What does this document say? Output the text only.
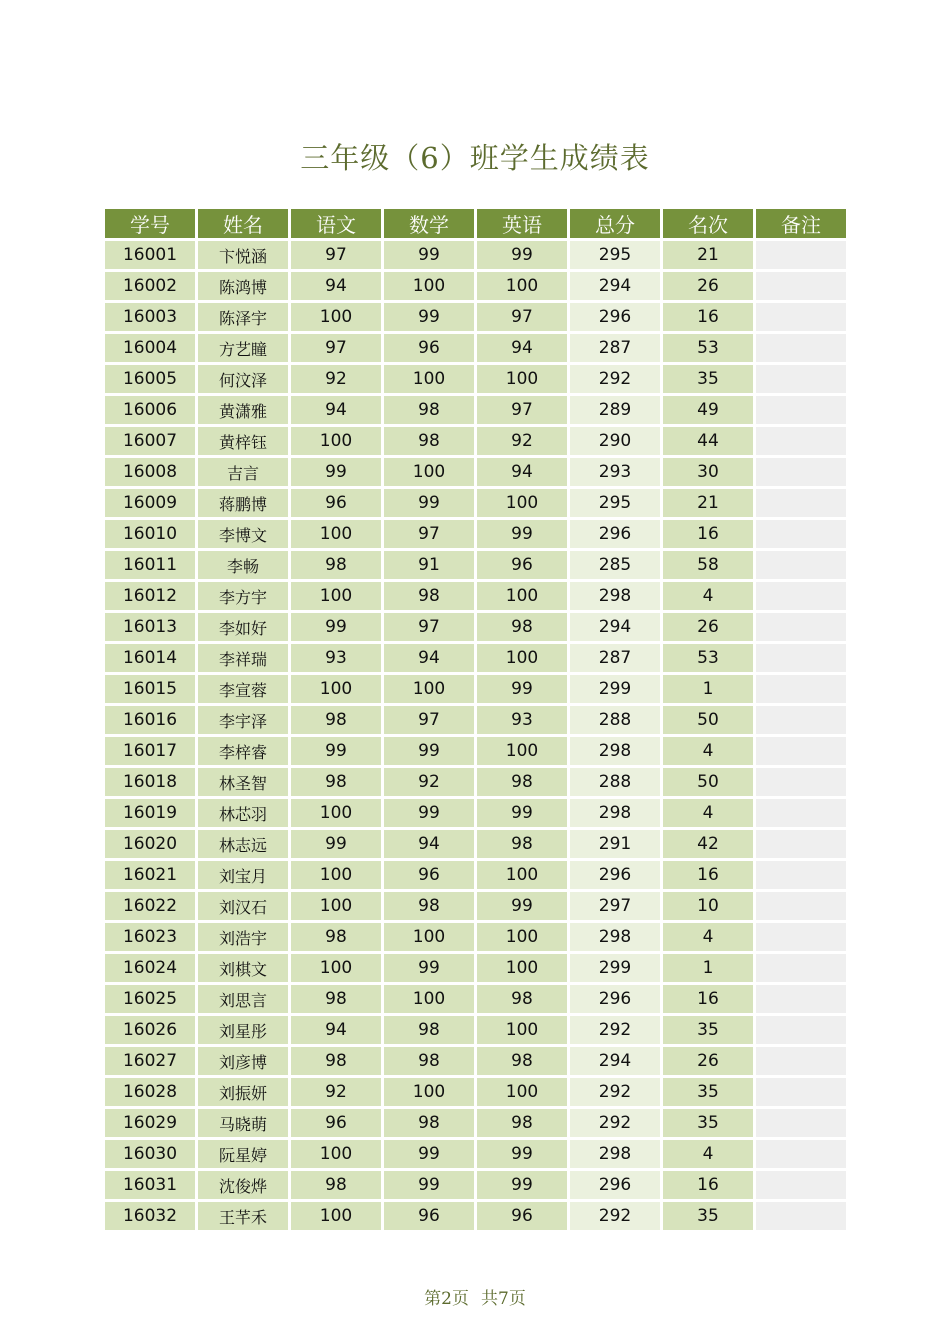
三年级（6）班学生成绩表
学号	姓名	语文	数学	英语	总分	名次	备注
16001	卞悦涵	97	99	99	295	21	
16002	陈鸿博	94	100	100	294	26	
16003	陈泽宇	100	99	97	296	16	
16004	方艺瞳	97	96	94	287	53	
16005	何汶泽	92	100	100	292	35	
16006	黄潇雅	94	98	97	289	49	
16007	黄梓钰	100	98	92	290	44	
16008	吉言	99	100	94	293	30	
16009	蒋鹏博	96	99	100	295	21	
16010	李博文	100	97	99	296	16	
16011	李畅	98	91	96	285	58	
16012	李方宇	100	98	100	298	4	
16013	李如好	99	97	98	294	26	
16014	李祥瑞	93	94	100	287	53	
16015	李宣蓉	100	100	99	299	1	
16016	李宇泽	98	97	93	288	50	
16017	李梓睿	99	99	100	298	4	
16018	林圣智	98	92	98	288	50	
16019	林芯羽	100	99	99	298	4	
16020	林志远	99	94	98	291	42	
16021	刘宝月	100	96	100	296	16	
16022	刘汉石	100	98	99	297	10	
16023	刘浩宇	98	100	100	298	4	
16024	刘棋文	100	99	100	299	1	
16025	刘思言	98	100	98	296	16	
16026	刘星彤	94	98	100	292	35	
16027	刘彦博	98	98	98	294	26	
16028	刘振妍	92	100	100	292	35	
16029	马晓萌	96	98	98	292	35	
16030	阮星婷	100	99	99	298	4	
16031	沈俊烨	98	99	99	296	16	
16032	王芊禾	100	96	96	292	35	
第2页 共7页
